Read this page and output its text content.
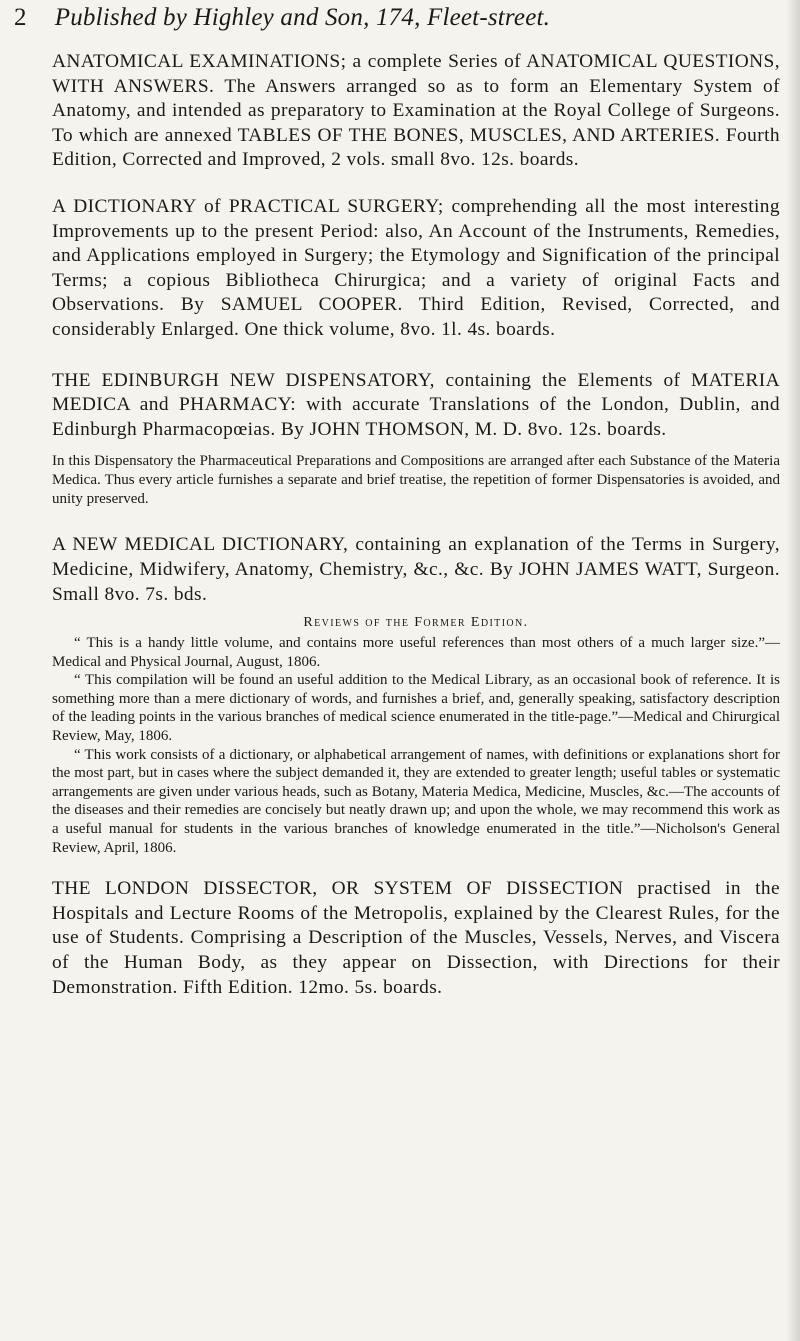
2 Published by Highley and Son, 174, Fleet-street.

ANATOMICAL EXAMINATIONS; a complete Series of ANATOMICAL QUESTIONS, WITH ANSWERS. The Answers arranged so as to form an Elementary System of Anatomy, and intended as preparatory to Examination at the Royal College of Surgeons. To which are annexed TABLES OF THE BONES, MUSCLES, AND ARTERIES. Fourth Edition, Corrected and Improved, 2 vols. small 8vo. 12s. boards.

A DICTIONARY of PRACTICAL SURGERY; comprehending all the most interesting Improvements up to the present Period: also, An Account of the Instruments, Remedies, and Applications employed in Surgery; the Etymology and Signification of the principal Terms; a copious Bibliotheca Chirurgica; and a variety of original Facts and Observations. By SAMUEL COOPER. Third Edition, Revised, Corrected, and considerably Enlarged. One thick volume, 8vo. 1l. 4s. boards.

THE EDINBURGH NEW DISPENSATORY, containing the Elements of MATERIA MEDICA and PHARMACY: with accurate Translations of the London, Dublin, and Edinburgh Pharmacopœias. By JOHN THOMSON, M. D. 8vo. 12s. boards.

In this Dispensatory the Pharmaceutical Preparations and Compositions are arranged after each Substance of the Materia Medica. Thus every article furnishes a separate and brief treatise, the repetition of former Dispensatories is avoided, and unity preserved.

A NEW MEDICAL DICTIONARY, containing an explanation of the Terms in Surgery, Medicine, Midwifery, Anatomy, Chemistry, &c., &c. By JOHN JAMES WATT, Surgeon. Small 8vo. 7s. bds.

Reviews of the Former Edition.

“ This is a handy little volume, and contains more useful references than most others of a much larger size.”—Medical and Physical Journal, August, 1806.

“ This compilation will be found an useful addition to the Medical Library, as an occasional book of reference. It is something more than a mere dictionary of words, and furnishes a brief, and, generally speaking, satisfactory description of the leading points in the various branches of medical science enumerated in the title-page.”—Medical and Chirurgical Review, May, 1806.

“ This work consists of a dictionary, or alphabetical arrangement of names, with definitions or explanations short for the most part, but in cases where the subject demanded it, they are extended to greater length; useful tables or systematic arrangements are given under various heads, such as Botany, Materia Medica, Medicine, Muscles, &c.—The accounts of the diseases and their remedies are concisely but neatly drawn up; and upon the whole, we may recommend this work as a useful manual for students in the various branches of knowledge enumerated in the title.”—Nicholson's General Review, April, 1806.

THE LONDON DISSECTOR, OR SYSTEM OF DISSECTION practised in the Hospitals and Lecture Rooms of the Metropolis, explained by the Clearest Rules, for the use of Students. Comprising a Description of the Muscles, Vessels, Nerves, and Viscera of the Human Body, as they appear on Dissection, with Directions for their Demonstration. Fifth Edition. 12mo. 5s. boards.
